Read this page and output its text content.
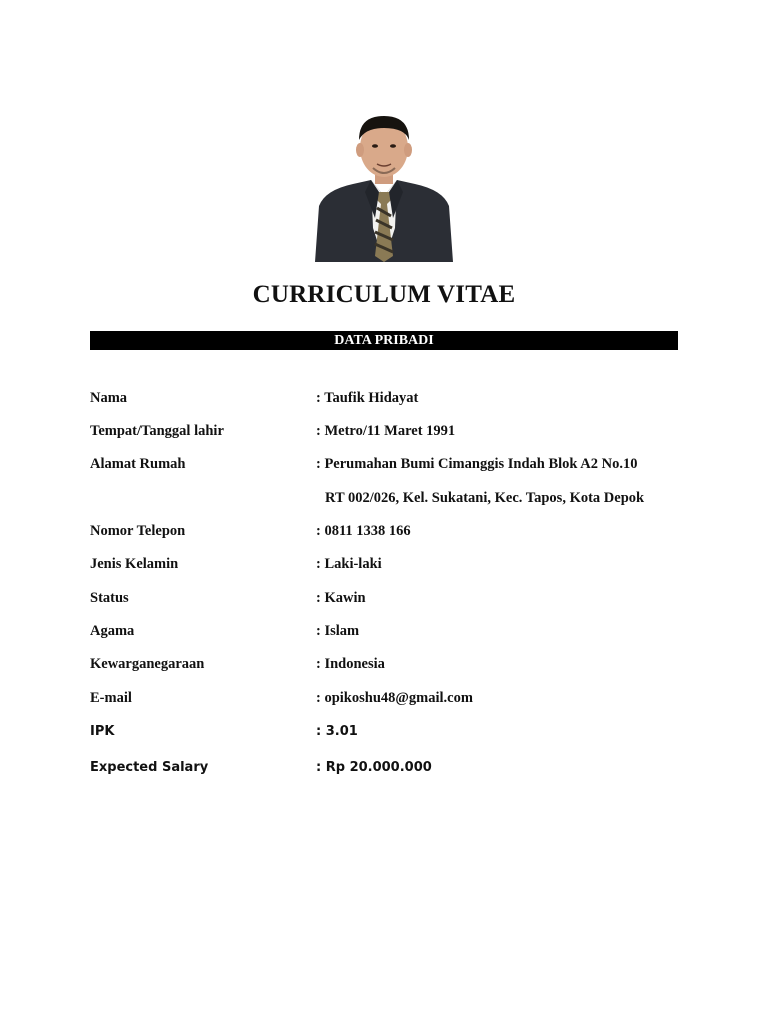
CURRICULUM VITAE
DATA PRIBADI
Nama	: Taufik Hidayat
Tempat/Tanggal lahir	: Metro/11 Maret 1991
Alamat Rumah	: Perumahan Bumi Cimanggis Indah Blok A2 No.10
RT 002/026, Kel. Sukatani, Kec. Tapos, Kota Depok
Nomor Telepon	: 0811 1338 166
Jenis Kelamin	: Laki-laki
Status	: Kawin
Agama	: Islam
Kewarganegaraan	: Indonesia
E-mail	: opikoshu48@gmail.com
IPK	: 3.01
Expected Salary	: Rp 20.000.000
